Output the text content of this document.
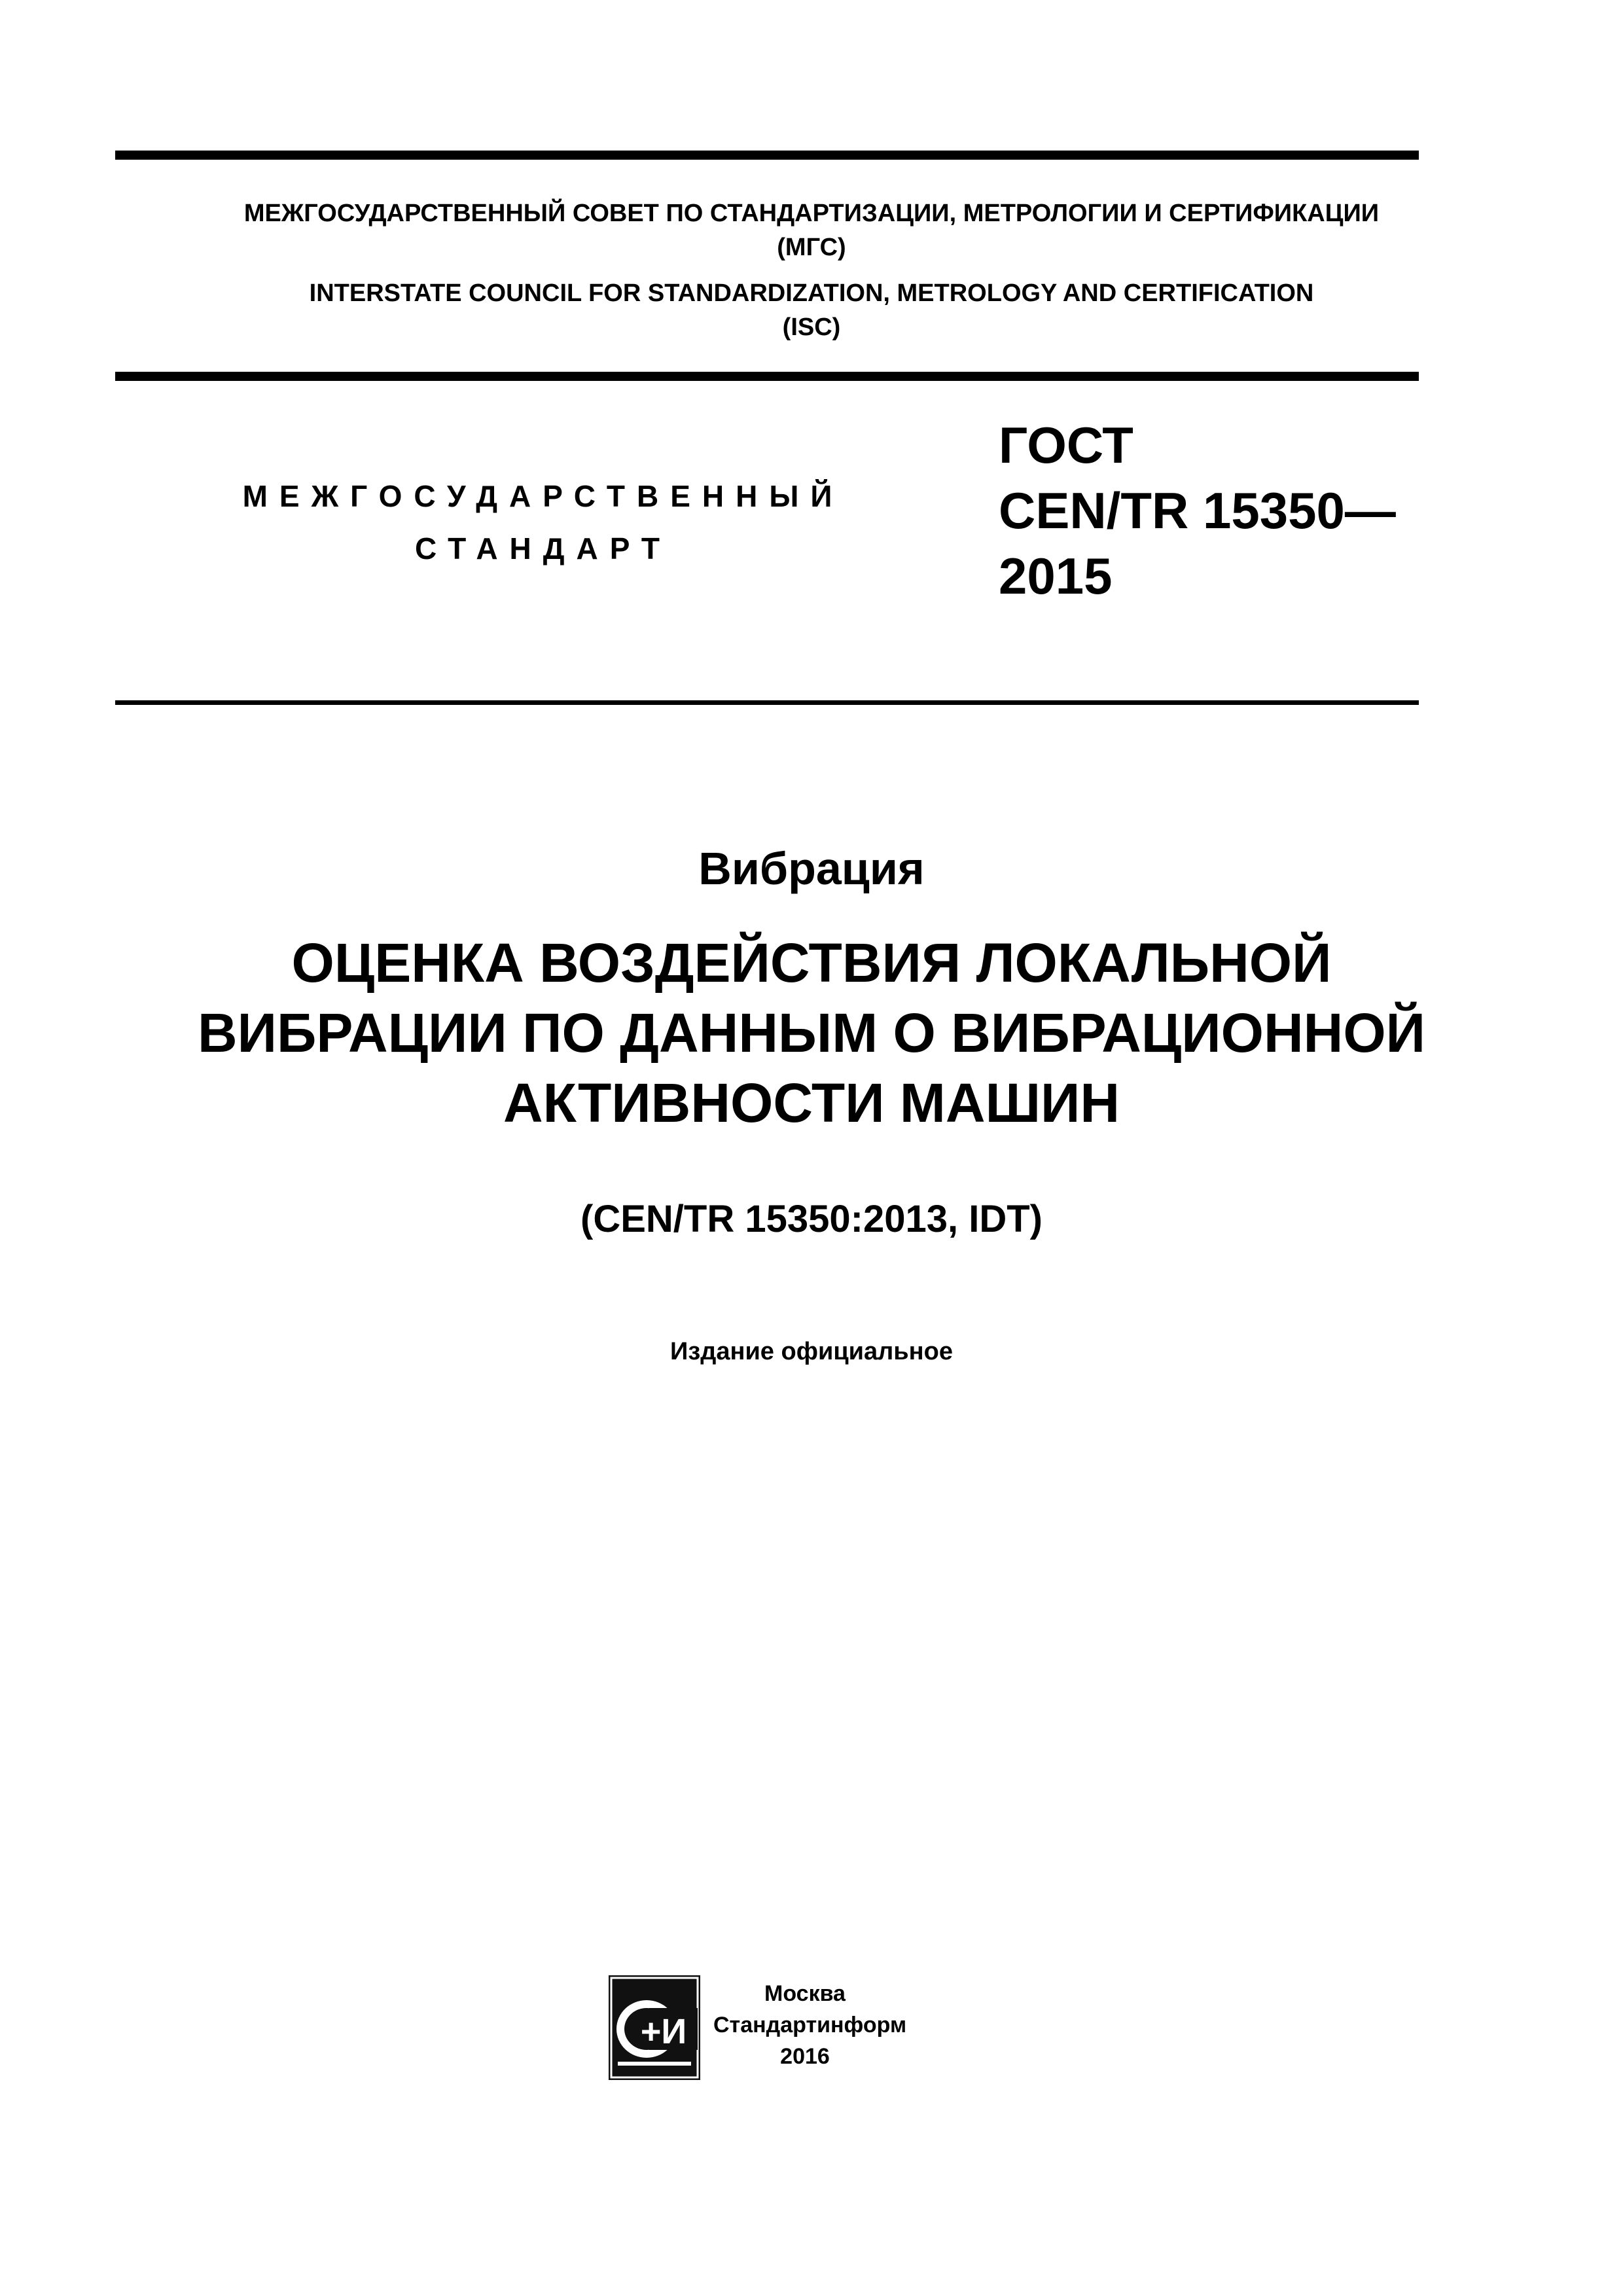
МЕЖГОСУДАРСТВЕННЫЙ СОВЕТ ПО СТАНДАРТИЗАЦИИ, МЕТРОЛОГИИ И СЕРТИФИКАЦИИ
(МГС)
INTERSTATE COUNCIL FOR STANDARDIZATION, METROLOGY AND CERTIFICATION
(ISC)
МЕЖГОСУДАРСТВЕННЫЙ
СТАНДАРТ
ГОСТ
CEN/TR 15350—
2015
Вибрация
ОЦЕНКА ВОЗДЕЙСТВИЯ ЛОКАЛЬНОЙ
ВИБРАЦИИ ПО ДАННЫМ О ВИБРАЦИОННОЙ
АКТИВНОСТИ МАШИН
(CEN/TR 15350:2013, IDT)
Издание официальное
+И
Москва
Стандартинформ
2016
